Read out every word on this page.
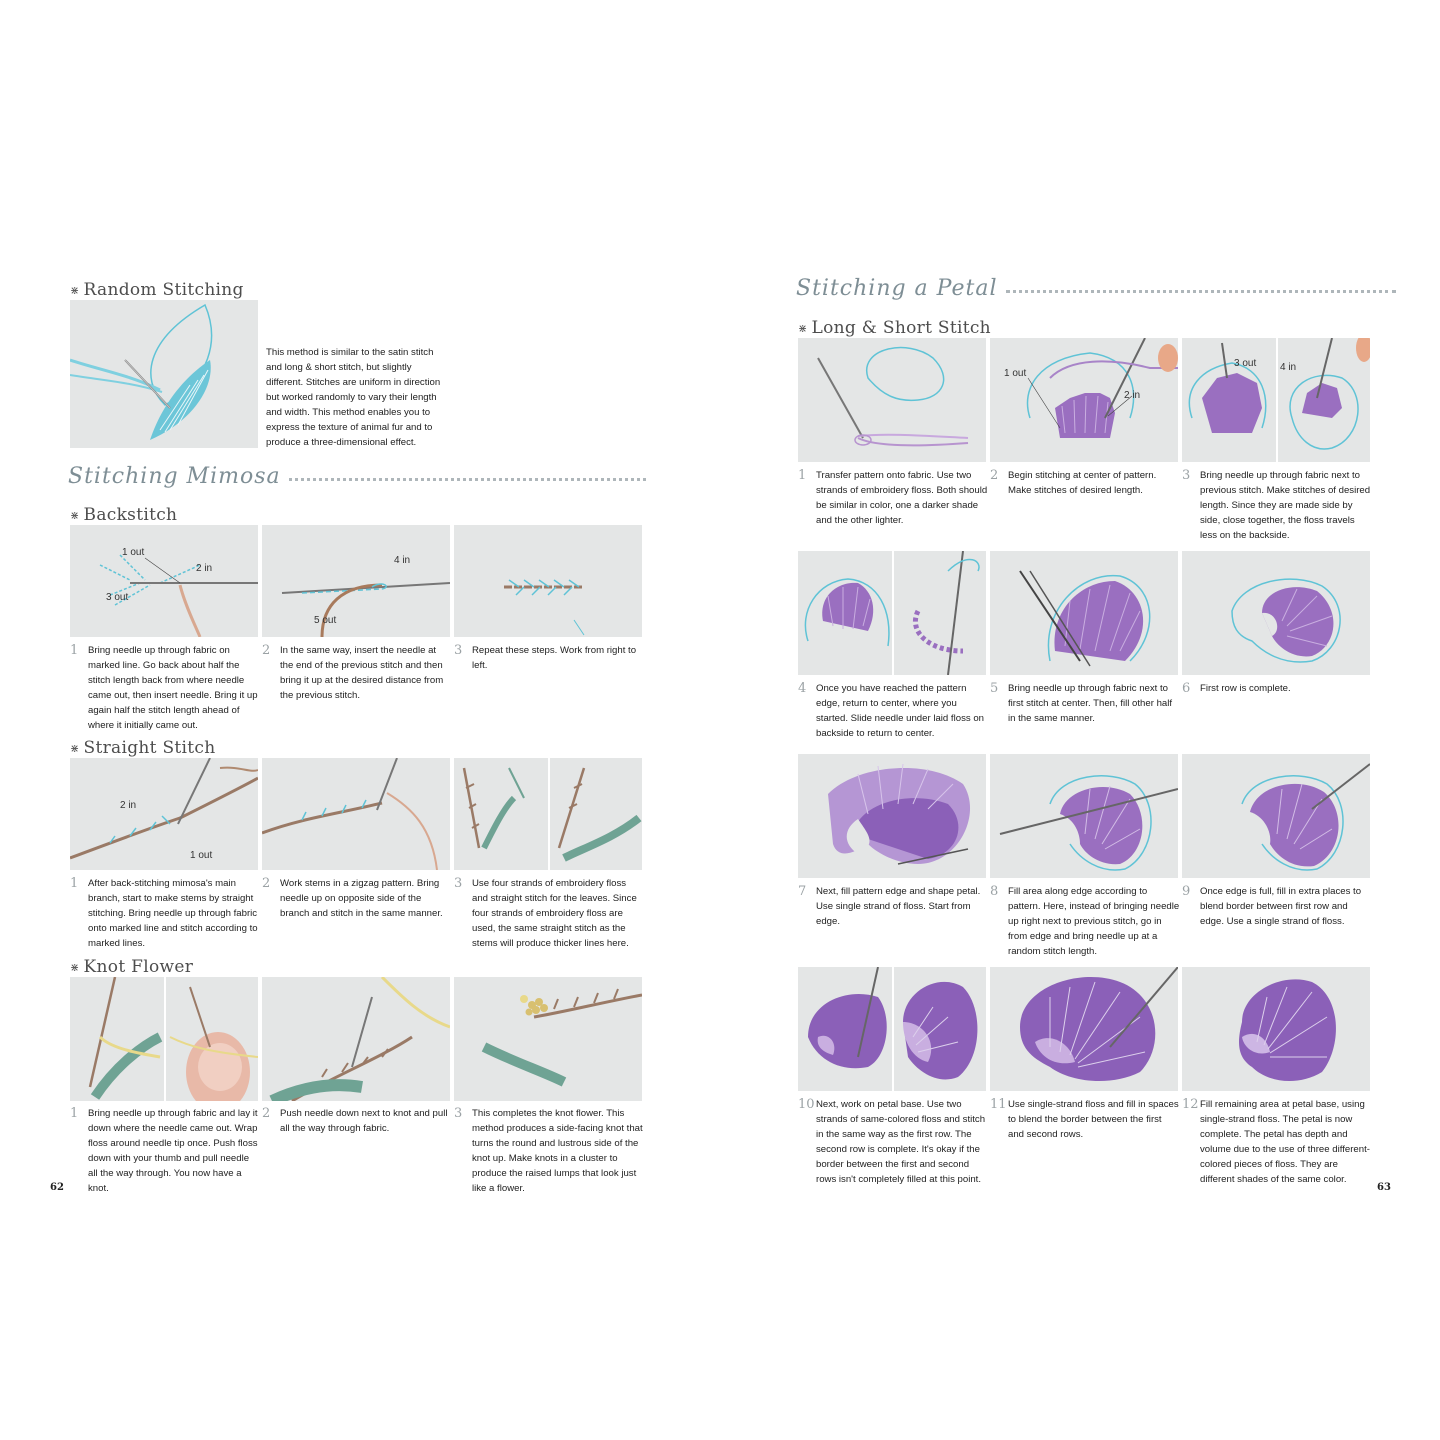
⋇ Random Stitching
This method is similar to the satin stitch and long & short stitch, but slightly different. Stitches are uniform in direction but worked randomly to vary their length and width. This method enables you to express the texture of animal fur and to produce a three-dimensional effect.
Stitching Mimosa
⋇ Backstitch
1 out
2 in
3 out
4 in
5 out
1	Bring needle up through fabric on marked line. Go back about half the stitch length back from where needle came out, then insert needle. Bring it up again half the stitch length ahead of where it initially came out.
2	In the same way, insert the needle at the end of the previous stitch and then bring it up at the desired distance from the previous stitch.
3	Repeat these steps. Work from right to left.
⋇ Straight Stitch
2 in
1 out
1	After back-stitching mimosa's main branch, start to make stems by straight stitching. Bring needle up through fabric onto marked line and stitch according to marked lines.
2	Work stems in a zigzag pattern. Bring needle up on opposite side of the branch and stitch in the same manner.
3	Use four strands of embroidery floss and straight stitch for the leaves. Since four strands of embroidery floss are used, the same straight stitch as the stems will produce thicker lines here.
⋇ Knot Flower
1	Bring needle up through fabric and lay it down where the needle came out. Wrap floss around needle tip once. Push floss down with your thumb and pull needle all the way through. You now have a knot.
2	Push needle down next to knot and pull all the way through fabric.
3	This completes the knot flower. This method produces a side-facing knot that turns the round and lustrous side of the knot up. Make knots in a cluster to produce the raised lumps that look just like a flower.
62
Stitching a Petal
⋇ Long & Short Stitch
1 out
2 in
3 out 4 in
1	Transfer pattern onto fabric. Use two strands of embroidery floss. Both should be similar in color, one a darker shade and the other lighter.
2	Begin stitching at center of pattern. Make stitches of desired length.
3	Bring needle up through fabric next to previous stitch. Make stitches of desired length. Since they are made side by side, close together, the floss travels less on the backside.
4	Once you have reached the pattern edge, return to center, where you started. Slide needle under laid floss on backside to return to center.
5	Bring needle up through fabric next to first stitch at center. Then, fill other half in the same manner.
6	First row is complete.
7	Next, fill pattern edge and shape petal. Use single strand of floss. Start from edge.
8	Fill area along edge according to pattern. Here, instead of bringing needle up right next to previous stitch, go in from edge and bring needle up at a random stitch length.
9	Once edge is full, fill in extra places to blend border between first row and edge. Use a single strand of floss.
10 Next, work on petal base. Use two strands of same-colored floss and stitch in the same way as the first row. The second row is complete. It's okay if the border between the first and second rows isn't completely filled at this point.
11 Use single-strand floss and fill in spaces to blend the border between the first and second rows.
12 Fill remaining area at petal base, using single-strand floss. The petal is now complete. The petal has depth and volume due to the use of three different-colored pieces of floss. They are different shades of the same color.
63
